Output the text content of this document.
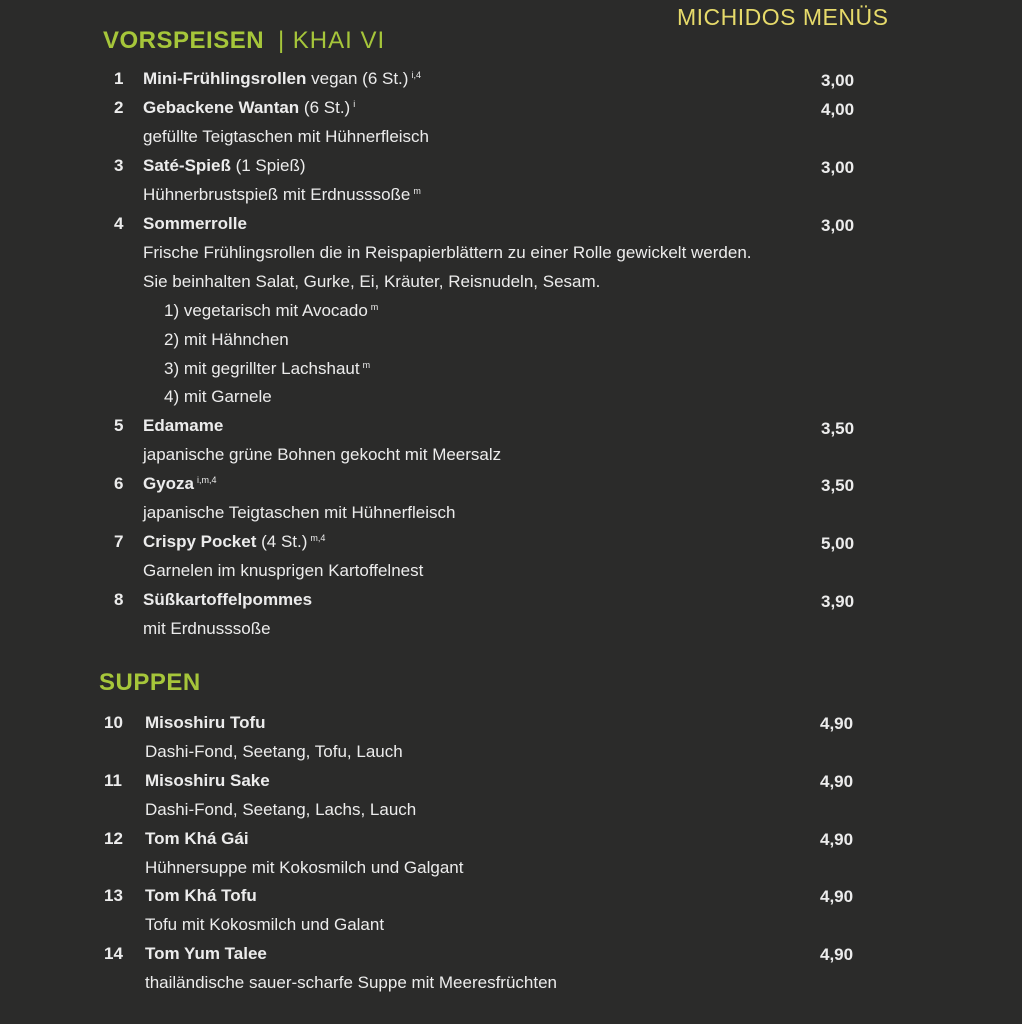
MICHIDOS MENÜS
VORSPEISEN | KHAI VI
1 Mini-Frühlingsrollen vegan (6 St.) $^{i,4}$	3,00
2 Gebackene Wantan (6 St.) $^i$	4,00
gefüllte Teigtaschen mit Hühnerfleisch
3 Saté-Spieß (1 Spieß)	3,00
Hühnerbrustspieß mit Erdnusssoße $^m$
4 Sommerrolle	3,00
Frische Frühlingsrollen die in Reispapierblättern zu einer Rolle gewickelt werden.
Sie beinhalten Salat, Gurke, Ei, Kräuter, Reisnudeln, Sesam.
1) vegetarisch mit Avocado $^m$
2) mit Hähnchen
3) mit gegrillter Lachshaut $^m$
4) mit Garnele
5 Edamame	3,50
japanische grüne Bohnen gekocht mit Meersalz
6 Gyoza $^{i,m,4}$	3,50
japanische Teigtaschen mit Hühnerfleisch
7 Crispy Pocket (4 St.) $^{m,4}$	5,00
Garnelen im knusprigen Kartoffelnest
8 Süßkartoffelpommes	3,90
mit Erdnusssoße
SUPPEN
10 Misoshiru Tofu	4,90
Dashi-Fond, Seetang, Tofu, Lauch
11 Misoshiru Sake	4,90
Dashi-Fond, Seetang, Lachs, Lauch
12 Tom Khá Gái	4,90
Hühnersuppe mit Kokosmilch und Galgant
13 Tom Khá Tofu	4,90
Tofu mit Kokosmilch und Galant
14 Tom Yum Talee	4,90
thailändische sauer-scharfe Suppe mit Meeresfrüchten
